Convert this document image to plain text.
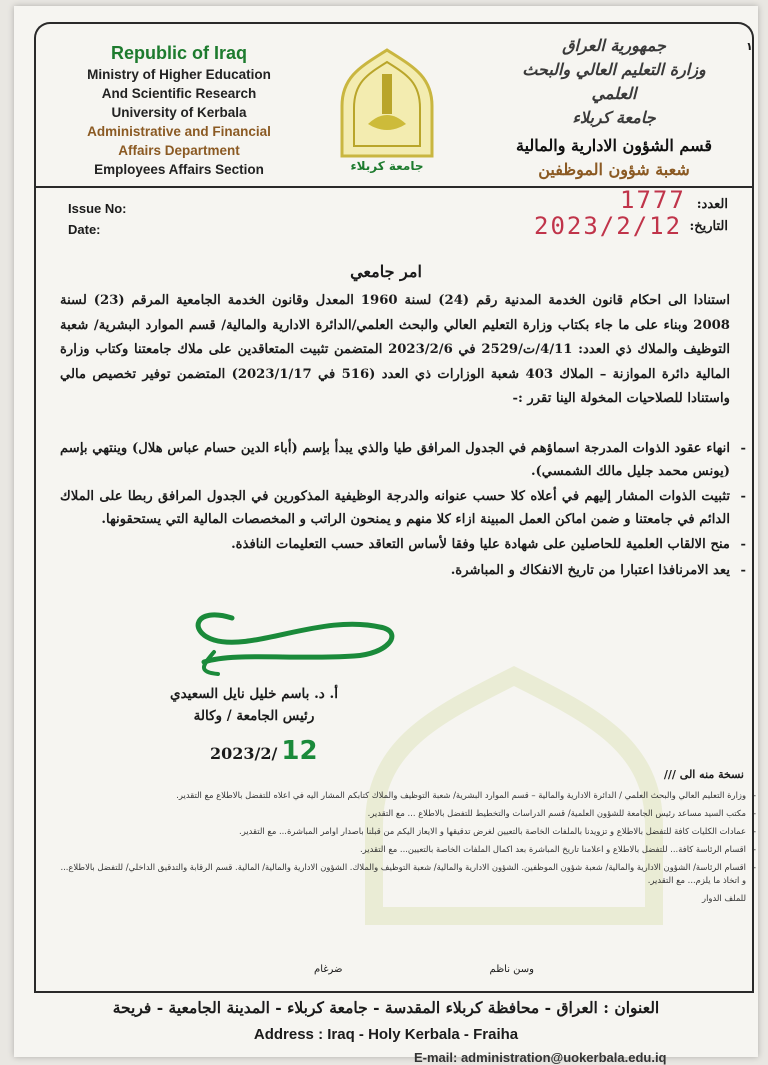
١
Republic of Iraq
Ministry of Higher Education
And Scientific Research
University of Kerbala
Administrative and Financial
Affairs Department
Employees Affairs Section	جامعة كربلاء
جمهورية العراق
وزارة التعليم العالي والبحث العلمي
جامعة كربلاء
قسم الشؤون الادارية والمالية
شعبة شؤون الموظفين
Issue No:
Date:
العدد:
التاريخ:
1777
2023/2/12
امر جامعي

استنادا الى احكام قانون الخدمة المدنية رقم (24) لسنة 1960 المعدل وقانون الخدمة الجامعية المرقم (23) لسنة 2008 وبناء على ما جاء بكتاب وزارة التعليم العالي والبحث العلمي/الدائرة الادارية والمالية/ قسم الموارد البشرية/ شعبة التوظيف والملاك ذي العدد: 4/11/ت/2529 في 2023/2/6 المتضمن تثبيت المتعاقدين على ملاك جامعتنا وكتاب وزارة المالية دائرة الموازنة – الملاك 403 شعبة الوزارات ذي العدد (516 في 2023/1/17) المتضمن توفير تخصيص مالي واستنادا للصلاحيات المخولة الينا تقرر :-

- انهاء عقود الذوات المدرجة اسماؤهم في الجدول المرافق طيا والذي يبدأ بإسم (أباء الدين حسام عباس هلال) وينتهي بإسم (يونس محمد جليل مالك الشمسي).
- تثبيت الذوات المشار إليهم في أعلاه كلا حسب عنوانه والدرجة الوظيفية المذكورين في الجدول المرافق ربطا على الملاك الدائم في جامعتنا و ضمن اماكن العمل المبينة ازاء كلا منهم و يمنحون الراتب و المخصصات المالية التي يستحقونها.
- منح الالقاب العلمية للحاصلين على شهادة عليا وفقا لأساس التعاقد حسب التعليمات النافذة.
- يعد الامرنافذا اعتبارا من تاريخ الانفكاك و المباشرة.
أ. د. باسم خليل نايل السعيدي
رئيس الجامعة / وكالة
2023/2/ 12
نسخة منه الى ///
- وزارة التعليم العالي والبحث العلمي / الدائرة الادارية والمالية – قسم الموارد البشرية/ شعبة التوظيف والملاك كتابكم المشار اليه في اعلاه للتفضل بالاطلاع مع التقدير.
- مكتب السيد مساعد رئيس الجامعة للشؤون العلمية/ قسم الدراسات والتخطيط للتفضل بالاطلاع ... مع التقدير.
- عمادات الكليات كافة للتفضل بالاطلاع و تزويدنا بالملفات الخاصة بالتعيين لغرض تدقيقها و الايعاز اليكم من قبلنا باصدار اوامر المباشرة... مع التقدير.
- اقسام الرئاسة كافة... للتفضل بالاطلاع و اعلامنا تاريخ المباشرة بعد اكمال الملفات الخاصة بالتعيين... مع التقدير.
- اقسام الرئاسة/ الشؤون الادارية والمالية/ شعبة شؤون الموظفين. الشؤون الادارية والمالية/ شعبة التوظيف والملاك. الشؤون الادارية والمالية/ المالية. قسم الرقابة والتدقيق الداخلي/ للتفضل بالاطلاع... و اتخاذ ما يلزم... مع التقدير.
للملف الدوار
وسن ناظم
ضرغام
العنوان : العراق - محافظة كربلاء المقدسة - جامعة كربلاء - المدينة الجامعية - فريحة
Address : Iraq - Holy Kerbala - Fraiha
E-mail: administration@uokerbala.edu.iq
